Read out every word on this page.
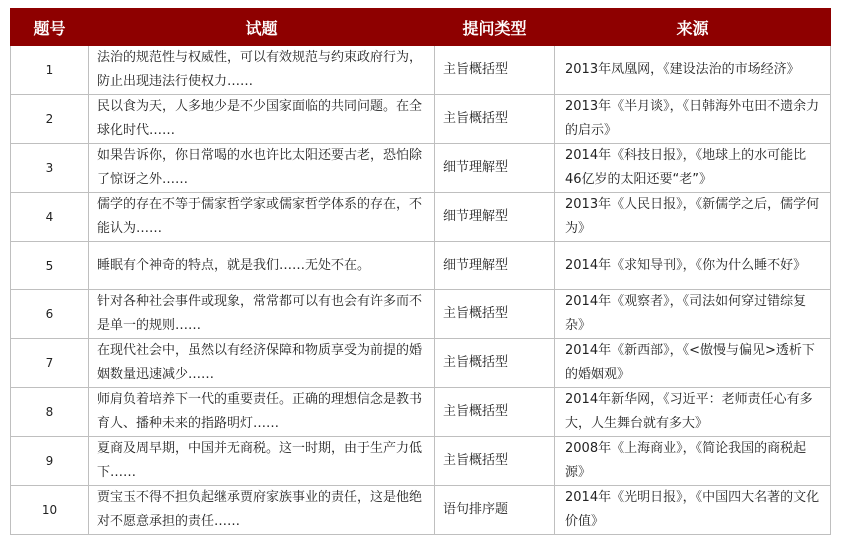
题号	试题	提问类型	来源
1	法治的规范性与权威性，可以有效规范与约束政府行为，防止出现违法行使权力……	主旨概括型	2013年凤凰网，《建设法治的市场经济》
2	民以食为天，人多地少是不少国家面临的共同问题。在全球化时代……	主旨概括型	2013年《半月谈》，《日韩海外屯田不遗余力的启示》
3	如果告诉你，你日常喝的水也许比太阳还要古老，恐怕除了惊讶之外……	细节理解型	2014年《科技日报》，《地球上的水可能比46亿岁的太阳还要“老”》
4	儒学的存在不等于儒家哲学家或儒家哲学体系的存在，不能认为……	细节理解型	2013年《人民日报》，《新儒学之后，儒学何为》
5	睡眠有个神奇的特点，就是我们……无处不在。	细节理解型	2014年《求知导刊》，《你为什么睡不好》
6	针对各种社会事件或现象，常常都可以有也会有许多而不是单一的规则……	主旨概括型	2014年《观察者》，《司法如何穿过错综复杂》
7	在现代社会中，虽然以有经济保障和物质享受为前提的婚姻数量迅速减少……	主旨概括型	2014年《新西部》，《<傲慢与偏见>透析下的婚姻观》
8	师肩负着培养下一代的重要责任。正确的理想信念是教书育人、播种未来的指路明灯……	主旨概括型	2014年新华网，《习近平：老师责任心有多大，人生舞台就有多大》
9	夏商及周早期，中国并无商税。这一时期，由于生产力低下……	主旨概括型	2008年《上海商业》，《简论我国的商税起源》
10	贾宝玉不得不担负起继承贾府家族事业的责任，这是他绝对不愿意承担的责任……	语句排序题	2014年《光明日报》，《中国四大名著的文化价值》
